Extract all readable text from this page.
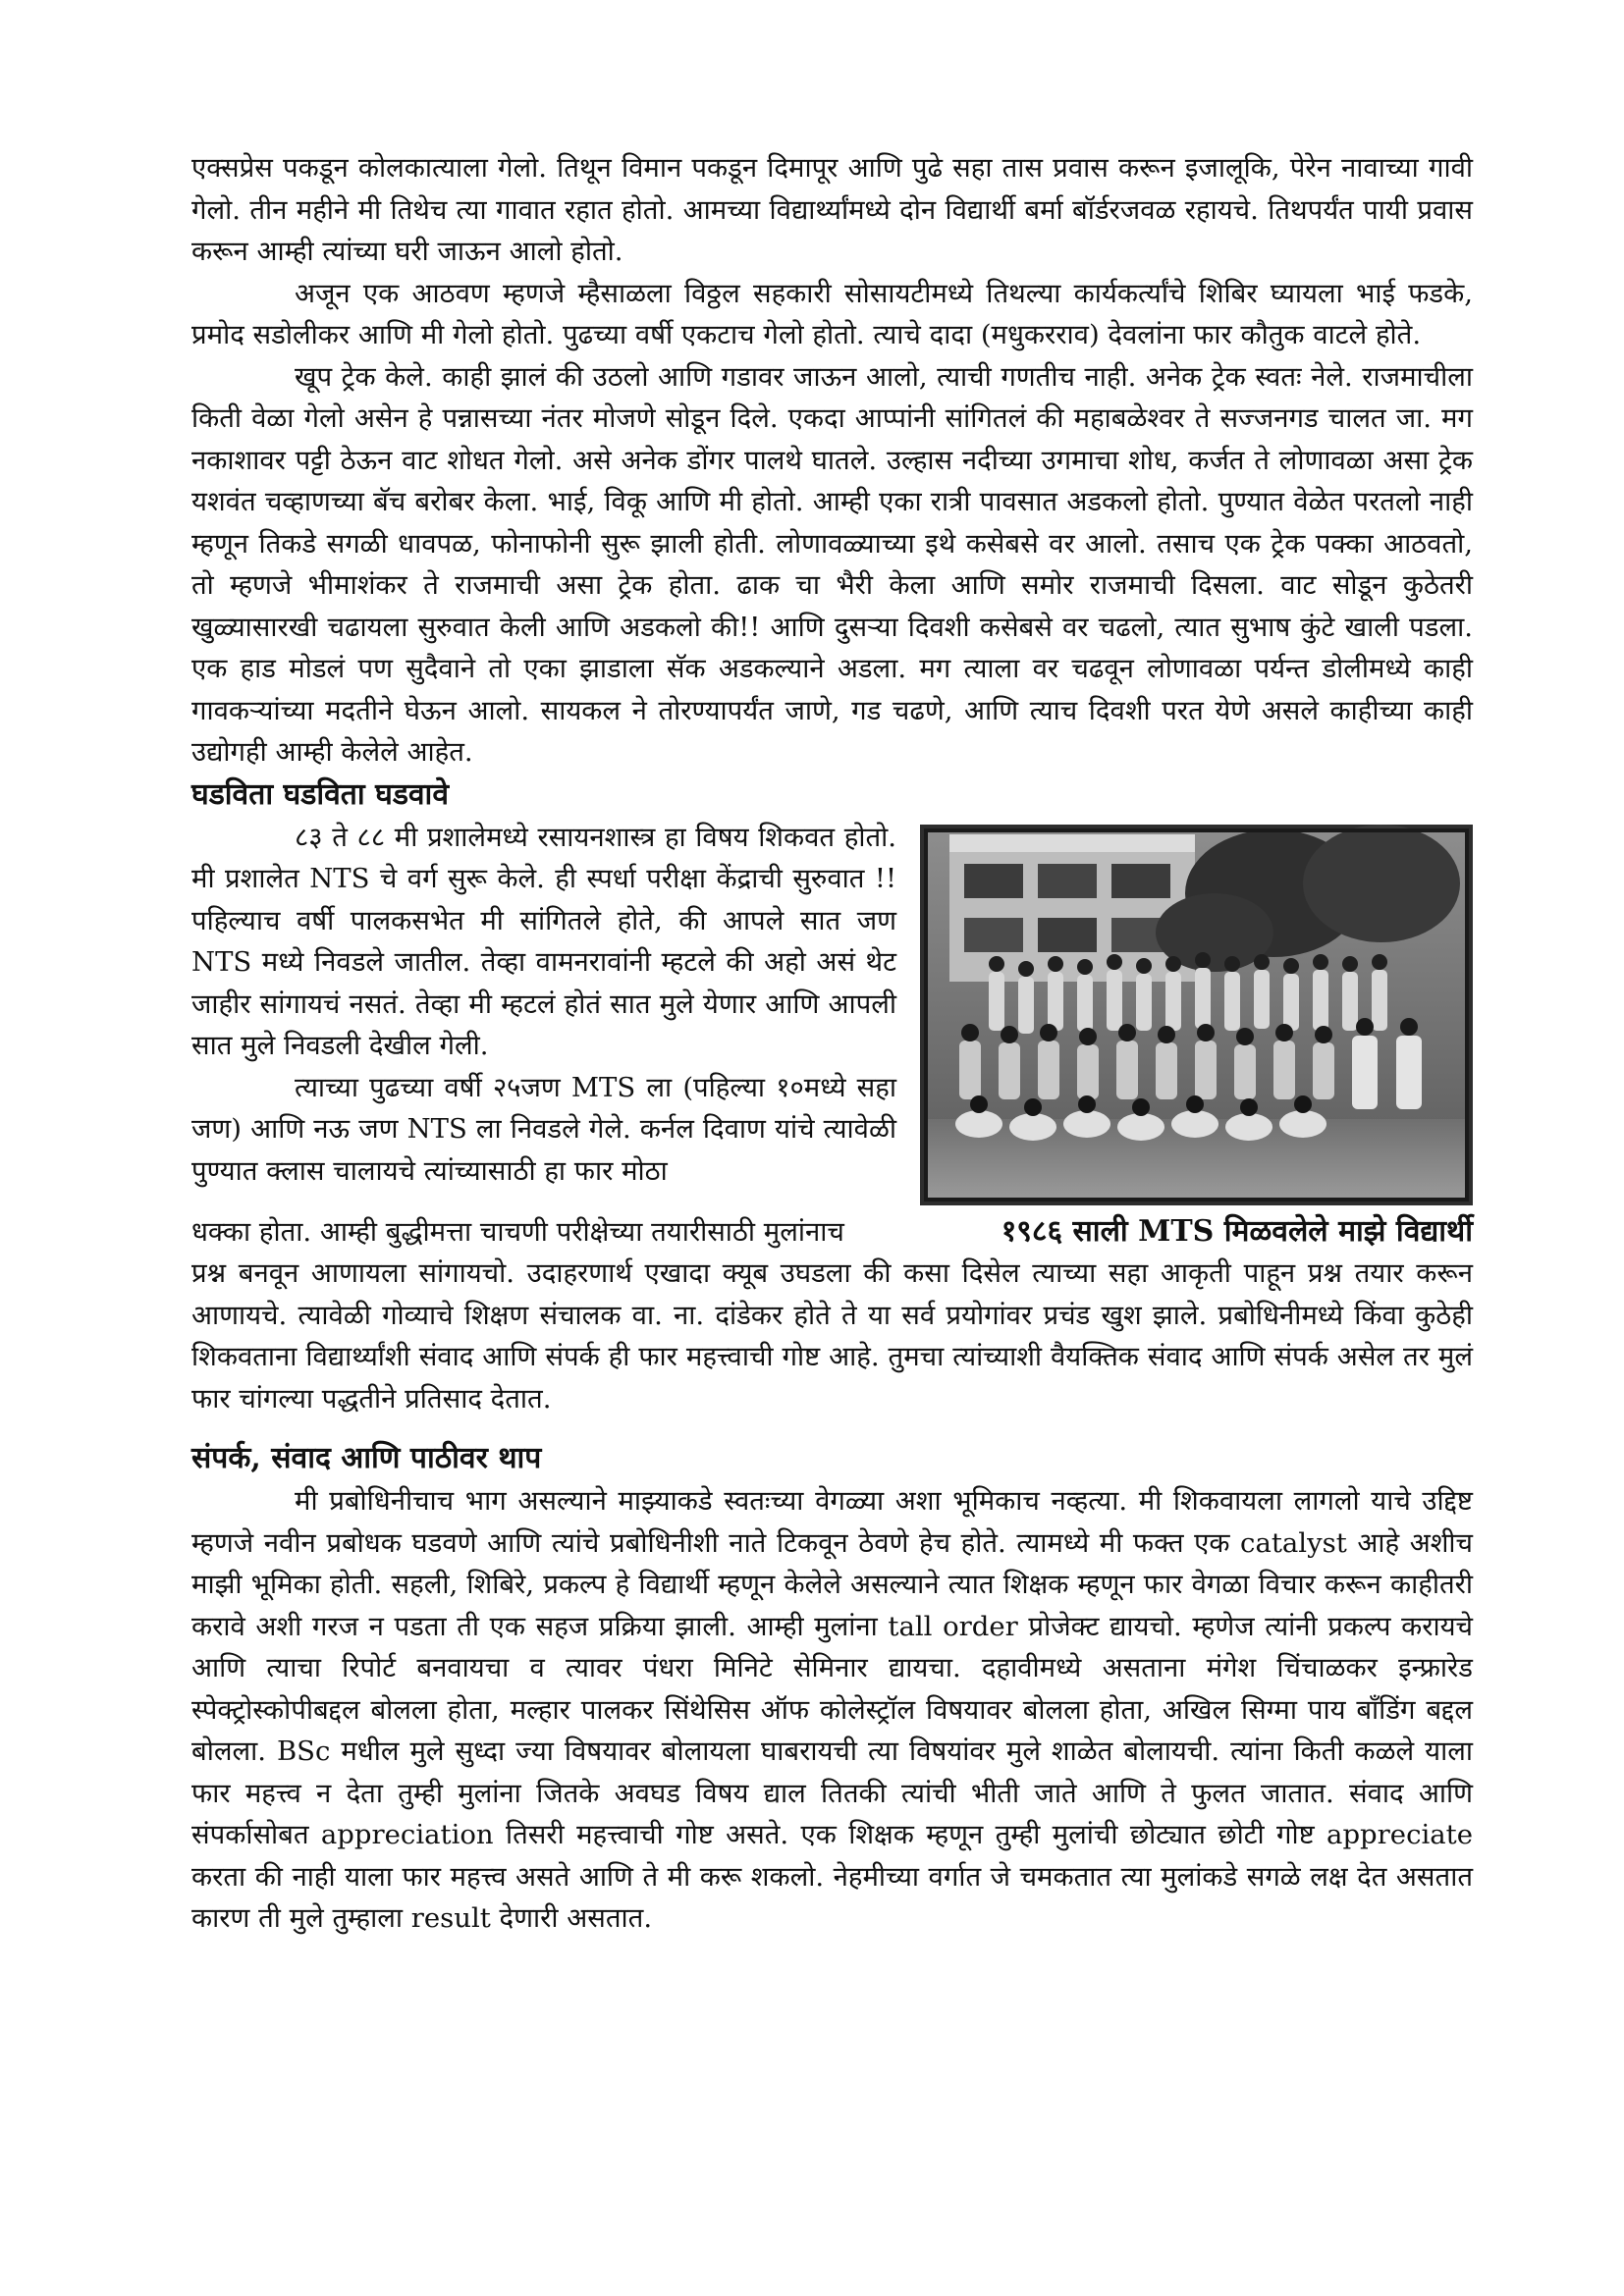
एक्सप्रेस पकडून कोलकात्याला गेलो. तिथून विमान पकडून दिमापूर आणि पुढे सहा तास प्रवास करून इजालूकि, पेरेन नावाच्या गावी गेलो. तीन महीने मी तिथेच त्या गावात रहात होतो. आमच्या विद्यार्थ्यांमध्ये दोन विद्यार्थी बर्मा बॉर्डरजवळ रहायचे. तिथपर्यंत पायी प्रवास करून आम्ही त्यांच्या घरी जाऊन आलो होतो.

अजून एक आठवण म्हणजे म्हैसाळला विठ्ठल सहकारी सोसायटीमध्ये तिथल्या कार्यकर्त्यांचे शिबिर घ्यायला भाई फडके, प्रमोद सडोलीकर आणि मी गेलो होतो. पुढच्या वर्षी एकटाच गेलो होतो. त्याचे दादा (मधुकरराव) देवलांना फार कौतुक वाटले होते.

खूप ट्रेक केले. काही झालं की उठलो आणि गडावर जाऊन आलो, त्याची गणतीच नाही. अनेक ट्रेक स्वतः नेले. राजमाचीला किती वेळा गेलो असेन हे पन्नासच्या नंतर मोजणे सोडून दिले. एकदा आप्पांनी सांगितलं की महाबळेश्वर ते सज्जनगड चालत जा. मग नकाशावर पट्टी ठेऊन वाट शोधत गेलो. असे अनेक डोंगर पालथे घातले. उल्हास नदीच्या उगमाचा शोध, कर्जत ते लोणावळा असा ट्रेक यशवंत चव्हाणच्या बॅच बरोबर केला. भाई, विकू आणि मी होतो. आम्ही एका रात्री पावसात अडकलो होतो. पुण्यात वेळेत परतलो नाही म्हणून तिकडे सगळी धावपळ, फोनाफोनी सुरू झाली होती. लोणावळ्याच्या इथे कसेबसे वर आलो. तसाच एक ट्रेक पक्का आठवतो, तो म्हणजे भीमाशंकर ते राजमाची असा ट्रेक होता. ढाक चा भैरी केला आणि समोर राजमाची दिसला. वाट सोडून कुठेतरी खुळ्यासारखी चढायला सुरुवात केली आणि अडकलो की!! आणि दुसऱ्या दिवशी कसेबसे वर चढलो, त्यात सुभाष कुंटे खाली पडला. एक हाड मोडलं पण सुदैवाने तो एका झाडाला सॅक अडकल्याने अडला. मग त्याला वर चढवून लोणावळा पर्यन्त डोलीमध्ये काही गावकऱ्यांच्या मदतीने घेऊन आलो. सायकल ने तोरण्यापर्यंत जाणे, गड चढणे, आणि त्याच दिवशी परत येणे असले काहीच्या काही उद्योगही आम्ही केलेले आहेत.

घडविता घडविता घडवावे

८३ ते ८८ मी प्रशालेमध्ये रसायनशास्त्र हा विषय शिकवत होतो. मी प्रशालेत NTS चे वर्ग सुरू केले. ही स्पर्धा परीक्षा केंद्राची सुरुवात !! पहिल्याच वर्षी पालकसभेत मी सांगितले होते, की आपले सात जण NTS मध्ये निवडले जातील. तेव्हा वामनरावांनी म्हटले की अहो असं थेट जाहीर सांगायचं नसतं. तेव्हा मी म्हटलं होतं सात मुले येणार आणि आपली सात मुले निवडली देखील गेली.

त्याच्या पुढच्या वर्षी २५जण MTS ला (पहिल्या १०मध्ये सहा जण) आणि नऊ जण NTS ला निवडले गेले. कर्नल दिवाण यांचे त्यावेळी पुण्यात क्लास चालायचे त्यांच्यासाठी हा फार मोठा

धक्का होता. आम्ही बुद्धीमत्ता चाचणी परीक्षेच्या तयारीसाठी मुलांनाच	१९८६ साली MTS मिळवलेले माझे विद्यार्थी

प्रश्न बनवून आणायला सांगायचो. उदाहरणार्थ एखादा क्यूब उघडला की कसा दिसेल त्याच्या सहा आकृती पाहून प्रश्न तयार करून आणायचे. त्यावेळी गोव्याचे शिक्षण संचालक वा. ना. दांडेकर होते ते या सर्व प्रयोगांवर प्रचंड खुश झाले. प्रबोधिनीमध्ये किंवा कुठेही शिकवताना विद्यार्थ्यांशी संवाद आणि संपर्क ही फार महत्त्वाची गोष्ट आहे. तुमचा त्यांच्याशी वैयक्तिक संवाद आणि संपर्क असेल तर मुलं फार चांगल्या पद्धतीने प्रतिसाद देतात.

संपर्क, संवाद आणि पाठीवर थाप

मी प्रबोधिनीचाच भाग असल्याने माझ्याकडे स्वतःच्या वेगळ्या अशा भूमिकाच नव्हत्या. मी शिकवायला लागलो याचे उद्दिष्ट म्हणजे नवीन प्रबोधक घडवणे आणि त्यांचे प्रबोधिनीशी नाते टिकवून ठेवणे हेच होते. त्यामध्ये मी फक्त एक catalyst आहे अशीच माझी भूमिका होती. सहली, शिबिरे, प्रकल्प हे विद्यार्थी म्हणून केलेले असल्याने त्यात शिक्षक म्हणून फार वेगळा विचार करून काहीतरी करावे अशी गरज न पडता ती एक सहज प्रक्रिया झाली. आम्ही मुलांना tall order प्रोजेक्ट द्यायचो. म्हणेज त्यांनी प्रकल्प करायचे आणि त्याचा रिपोर्ट बनवायचा व त्यावर पंधरा मिनिटे सेमिनार द्यायचा. दहावीमध्ये असताना मंगेश चिंचाळकर इन्फ्रारेड स्पेक्ट्रोस्कोपीबद्दल बोलला होता, मल्हार पालकर सिंथेसिस ऑफ कोलेस्ट्रॉल विषयावर बोलला होता, अखिल सिग्मा पाय बाँडिंग बद्दल बोलला. BSc मधील मुले सुध्दा ज्या विषयावर बोलायला घाबरायची त्या विषयांवर मुले शाळेत बोलायची. त्यांना किती कळले याला फार महत्त्व न देता तुम्ही मुलांना जितके अवघड विषय द्याल तितकी त्यांची भीती जाते आणि ते फुलत जातात. संवाद आणि संपर्कासोबत appreciation तिसरी महत्त्वाची गोष्ट असते. एक शिक्षक म्हणून तुम्ही मुलांची छोट्यात छोटी गोष्ट appreciate करता की नाही याला फार महत्त्व असते आणि ते मी करू शकलो. नेहमीच्या वर्गात जे चमकतात त्या मुलांकडे सगळे लक्ष देत असतात कारण ती मुले तुम्हाला result देणारी असतात.
